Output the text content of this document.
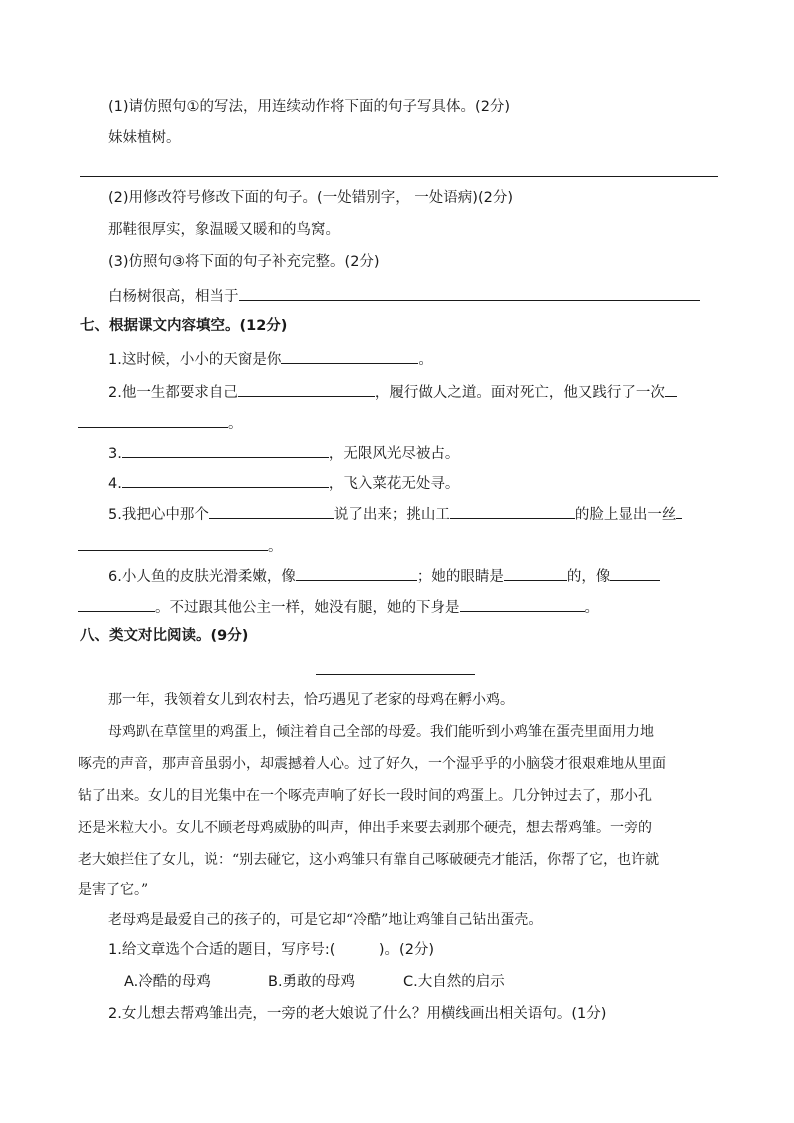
(1)请仿照句①的写法，用连续动作将下面的句子写具体。(2分)
妹妹植树。
(2)用修改符号修改下面的句子。(一处错别字， 一处语病)(2分)
那鞋很厚实，象温暖又暖和的鸟窝。
(3)仿照句③将下面的句子补充完整。(2分)
白杨树很高，相当于
七、根据课文内容填空。(12分)
1.这时候，小小的天窗是你	。
2.他一生都要求自己	，履行做人之道。面对死亡，他又践行了一次
。
3.	，无限风光尽被占。
4.	，飞入菜花无处寻。
5.我把心中那个	说了出来；挑山工	的脸上显出一丝
。
6.小人鱼的皮肤光滑柔嫩，像	；她的眼睛是	的，像
。不过跟其他公主一样，她没有腿，她的下身是	。
八、类文对比阅读。(9分)
那一年，我领着女儿到农村去，恰巧遇见了老家的母鸡在孵小鸡。
母鸡趴在草筐里的鸡蛋上，倾注着自己全部的母爱。我们能听到小鸡雏在蛋壳里面用力地
啄壳的声音，那声音虽弱小，却震撼着人心。过了好久，一个湿乎乎的小脑袋才很艰难地从里面
钻了出来。女儿的目光集中在一个啄壳声响了好长一段时间的鸡蛋上。几分钟过去了，那小孔
还是米粒大小。女儿不顾老母鸡威胁的叫声，伸出手来要去剥那个硬壳，想去帮鸡雏。一旁的
老大娘拦住了女儿，说：“别去碰它，这小鸡雏只有靠自己啄破硬壳才能活，你帮了它，也许就
是害了它。”
老母鸡是最爱自己的孩子的，可是它却“冷酷”地让鸡雏自己钻出蛋壳。
1.给文章选个合适的题目，写序号:(　　　)。(2分)
A.冷酷的母鸡	B.勇敢的母鸡	C.大自然的启示
2.女儿想去帮鸡雏出壳，一旁的老大娘说了什么？用横线画出相关语句。(1分)
